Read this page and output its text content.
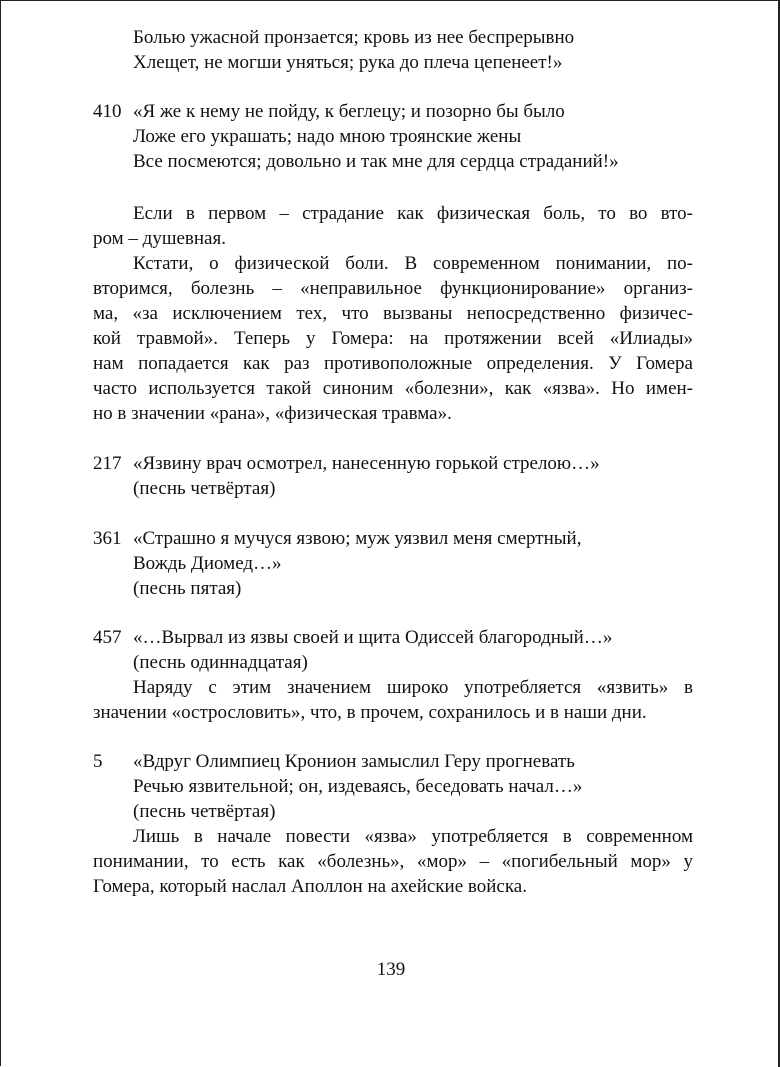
Болью ужасной пронзается; кровь из нее беспрерывно
Хлещет, не могши уняться; рука до плеча цепенеет!»
410 «Я же к нему не пойду, к беглецу; и позорно бы было
Ложе его украшать; надо мною троянские жены
Все посмеются; довольно и так мне для сердца страданий!»
Если в первом – страдание как физическая боль, то во вто-
ром – душевная.
Кстати, о физической боли. В современном понимании, по-
вторимся, болезнь – «неправильное функционирование» организ-
ма, «за исключением тех, что вызваны непосредственно физичес-
кой травмой». Теперь у Гомера: на протяжении всей «Илиады»
нам попадается как раз противоположные определения. У Гомера
часто используется такой синоним «болезни», как «язва». Но имен-
но в значении «рана», «физическая травма».
217 «Язвину врач осмотрел, нанесенную горькой стрелою…»
(песнь четвёртая)
361 «Страшно я мучуся язвою; муж уязвил меня смертный,
Вождь Диомед…»
(песнь пятая)
457 «…Вырвал из язвы своей и щита Одиссей благородный…»
(песнь одиннадцатая)
Наряду с этим значением широко употребляется «язвить» в
значении «острословить», что, в прочем, сохранилось и в наши дни.
5 «Вдруг Олимпиец Кронион замыслил Геру прогневать
Речью язвительной; он, издеваясь, беседовать начал…»
(песнь четвёртая)
Лишь в начале повести «язва» употребляется в современном
понимании, то есть как «болезнь», «мор» – «погибельный мор» у
Гомера, который наслал Аполлон на ахейские войска.
139
